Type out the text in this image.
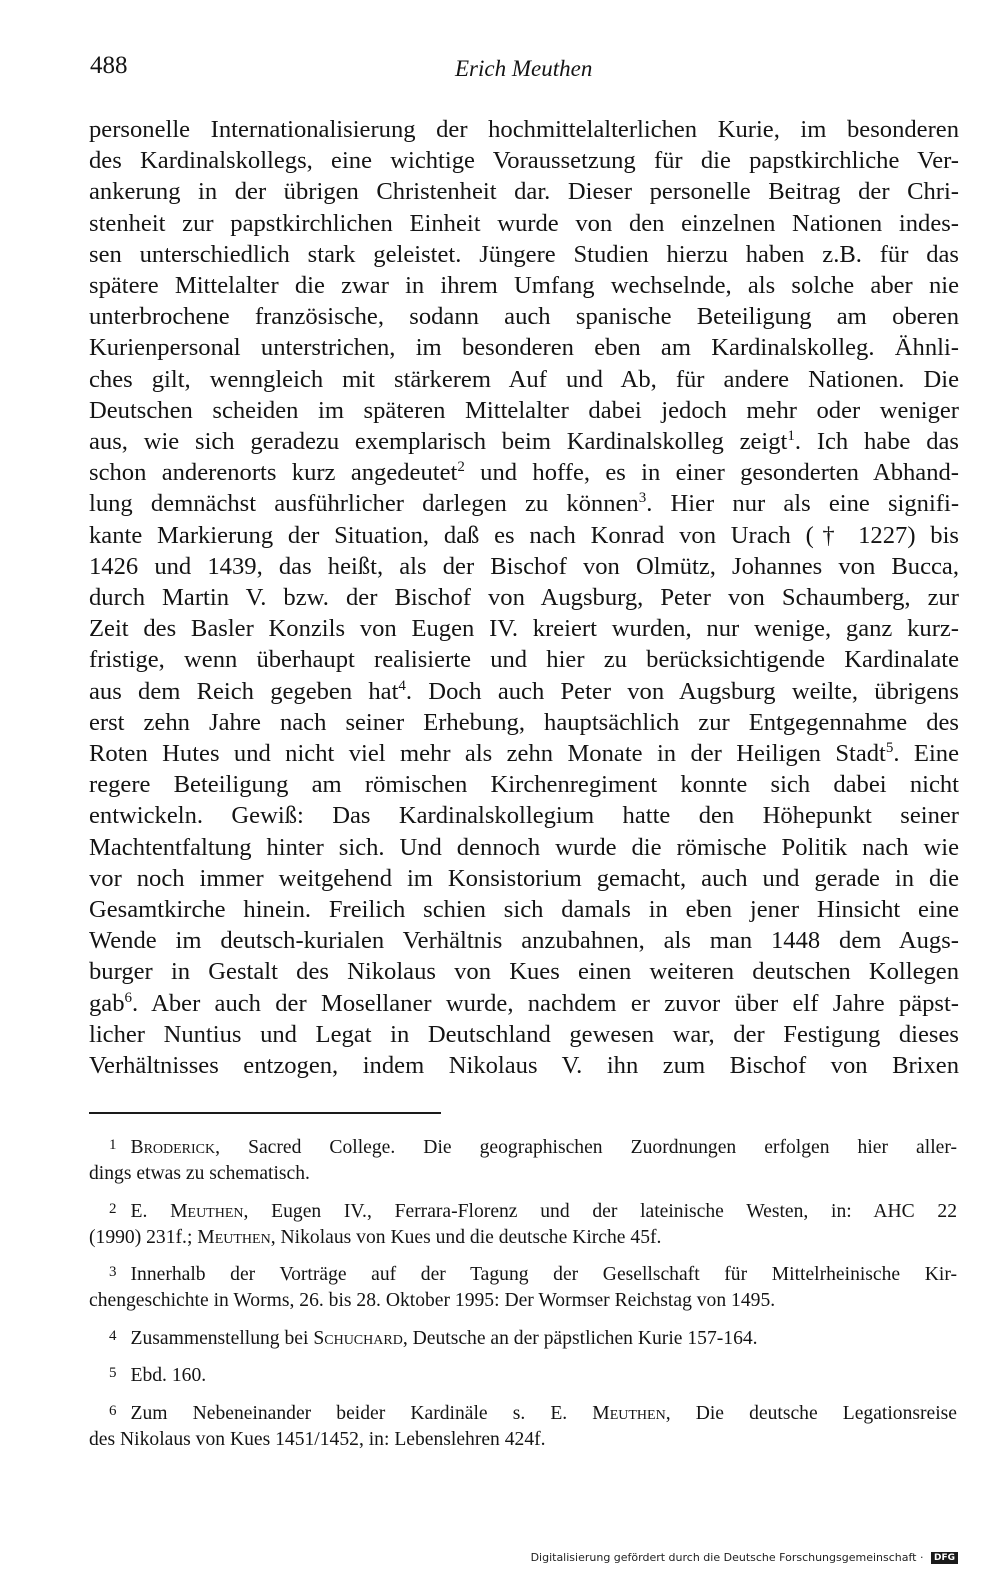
488	Erich Meuthen
personelle Internationalisierung der hochmittelalterlichen Kurie, im besonderen
des Kardinalskollegs, eine wichtige Voraussetzung für die papstkirchliche Ver-
ankerung in der übrigen Christenheit dar. Dieser personelle Beitrag der Chri-
stenheit zur papstkirchlichen Einheit wurde von den einzelnen Nationen indes-
sen unterschiedlich stark geleistet. Jüngere Studien hierzu haben z.B. für das
spätere Mittelalter die zwar in ihrem Umfang wechselnde, als solche aber nie
unterbrochene französische, sodann auch spanische Beteiligung am oberen
Kurienpersonal unterstrichen, im besonderen eben am Kardinalskolleg. Ähnli-
ches gilt, wenngleich mit stärkerem Auf und Ab, für andere Nationen. Die
Deutschen scheiden im späteren Mittelalter dabei jedoch mehr oder weniger
aus, wie sich geradezu exemplarisch beim Kardinalskolleg zeigt$^1$. Ich habe das
schon anderenorts kurz angedeutet$^2$ und hoffe, es in einer gesonderten Abhand-
lung demnächst ausführlicher darlegen zu können$^3$. Hier nur als eine signifi-
kante Markierung der Situation, daß es nach Konrad von Urach († 1227) bis
1426 und 1439, das heißt, als der Bischof von Olmütz, Johannes von Bucca,
durch Martin V. bzw. der Bischof von Augsburg, Peter von Schaumberg, zur
Zeit des Basler Konzils von Eugen IV. kreiert wurden, nur wenige, ganz kurz-
fristige, wenn überhaupt realisierte und hier zu berücksichtigende Kardinalate
aus dem Reich gegeben hat$^4$. Doch auch Peter von Augsburg weilte, übrigens
erst zehn Jahre nach seiner Erhebung, hauptsächlich zur Entgegennahme des
Roten Hutes und nicht viel mehr als zehn Monate in der Heiligen Stadt$^5$. Eine
regere Beteiligung am römischen Kirchenregiment konnte sich dabei nicht
entwickeln. Gewiß: Das Kardinalskollegium hatte den Höhepunkt seiner
Machtentfaltung hinter sich. Und dennoch wurde die römische Politik nach wie
vor noch immer weitgehend im Konsistorium gemacht, auch und gerade in die
Gesamtkirche hinein. Freilich schien sich damals in eben jener Hinsicht eine
Wende im deutsch-kurialen Verhältnis anzubahnen, als man 1448 dem Augs-
burger in Gestalt des Nikolaus von Kues einen weiteren deutschen Kollegen
gab$^6$. Aber auch der Mosellaner wurde, nachdem er zuvor über elf Jahre päpst-
licher Nuntius und Legat in Deutschland gewesen war, der Festigung dieses
Verhältnisses entzogen, indem Nikolaus V. ihn zum Bischof von Brixen
1 Broderick, Sacred College. Die geographischen Zuordnungen erfolgen hier aller-
dings etwas zu schematisch.
2 E. Meuthen, Eugen IV., Ferrara-Florenz und der lateinische Westen, in: AHC 22
(1990) 231f.; Meuthen, Nikolaus von Kues und die deutsche Kirche 45f.
3 Innerhalb der Vorträge auf der Tagung der Gesellschaft für Mittelrheinische Kir-
chengeschichte in Worms, 26. bis 28. Oktober 1995: Der Wormser Reichstag von 1495.
4 Zusammenstellung bei Schuchard, Deutsche an der päpstlichen Kurie 157-164.
5 Ebd. 160.
6 Zum Nebeneinander beider Kardinäle s. E. Meuthen, Die deutsche Legationsreise
des Nikolaus von Kues 1451/1452, in: Lebenslehren 424f.
Digitalisierung gefördert durch die Deutsche Forschungsgemeinschaft · DFG
